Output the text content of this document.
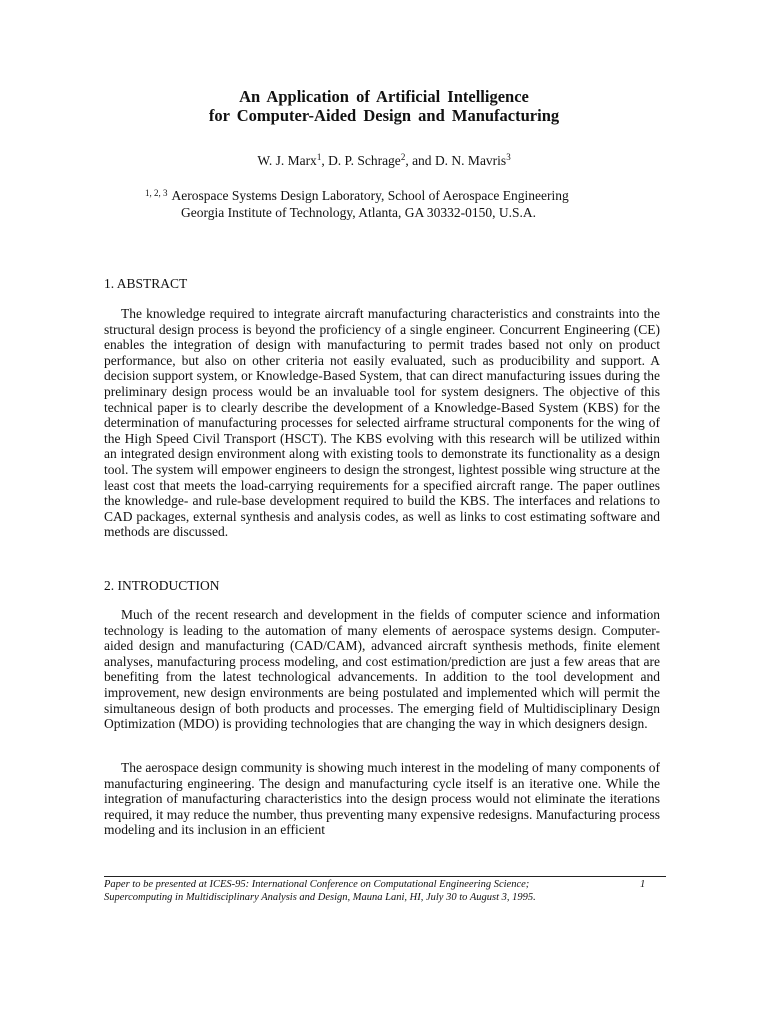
An Application of Artificial Intelligence
for Computer-Aided Design and Manufacturing
W. J. Marx$^1$, D. P. Schrage$^2$, and D. N. Mavris$^3$
$^{1, 2, 3}$ Aerospace Systems Design Laboratory, School of Aerospace Engineering
Georgia Institute of Technology, Atlanta, GA 30332-0150, U.S.A.
1. ABSTRACT

The knowledge required to integrate aircraft manufacturing characteristics and constraints into the structural design process is beyond the proficiency of a single engineer. Concurrent Engineering (CE) enables the integration of design with manufacturing to permit trades based not only on product performance, but also on other criteria not easily evaluated, such as producibility and support. A decision support system, or Knowledge-Based System, that can direct manufacturing issues during the preliminary design process would be an invaluable tool for system designers. The objective of this technical paper is to clearly describe the development of a Knowledge-Based System (KBS) for the determination of manufacturing processes for selected airframe structural components for the wing of the High Speed Civil Transport (HSCT). The KBS evolving with this research will be utilized within an integrated design environment along with existing tools to demonstrate its functionality as a design tool. The system will empower engineers to design the strongest, lightest possible wing structure at the least cost that meets the load-carrying requirements for a specified aircraft range. The paper outlines the knowledge- and rule-base development required to build the KBS. The interfaces and relations to CAD packages, external synthesis and analysis codes, as well as links to cost estimating software and methods are discussed.

2. INTRODUCTION

Much of the recent research and development in the fields of computer science and information technology is leading to the automation of many elements of aerospace systems design. Computer-aided design and manufacturing (CAD/CAM), advanced aircraft synthesis methods, finite element analyses, manufacturing process modeling, and cost estimation/prediction are just a few areas that are benefiting from the latest technological advancements. In addition to the tool development and improvement, new design environments are being postulated and implemented which will permit the simultaneous design of both products and processes. The emerging field of Multidisciplinary Design Optimization (MDO) is providing technologies that are changing the way in which designers design.

The aerospace design community is showing much interest in the modeling of many components of manufacturing engineering. The design and manufacturing cycle itself is an iterative one. While the integration of manufacturing characteristics into the design process would not eliminate the iterations required, it may reduce the number, thus preventing many expensive redesigns. Manufacturing process modeling and its inclusion in an efficient

Paper to be presented at ICES-95: International Conference on Computational Engineering Science;
Supercomputing in Multidisciplinary Analysis and Design, Mauna Lani, HI, July 30 to August 3, 1995.
1
